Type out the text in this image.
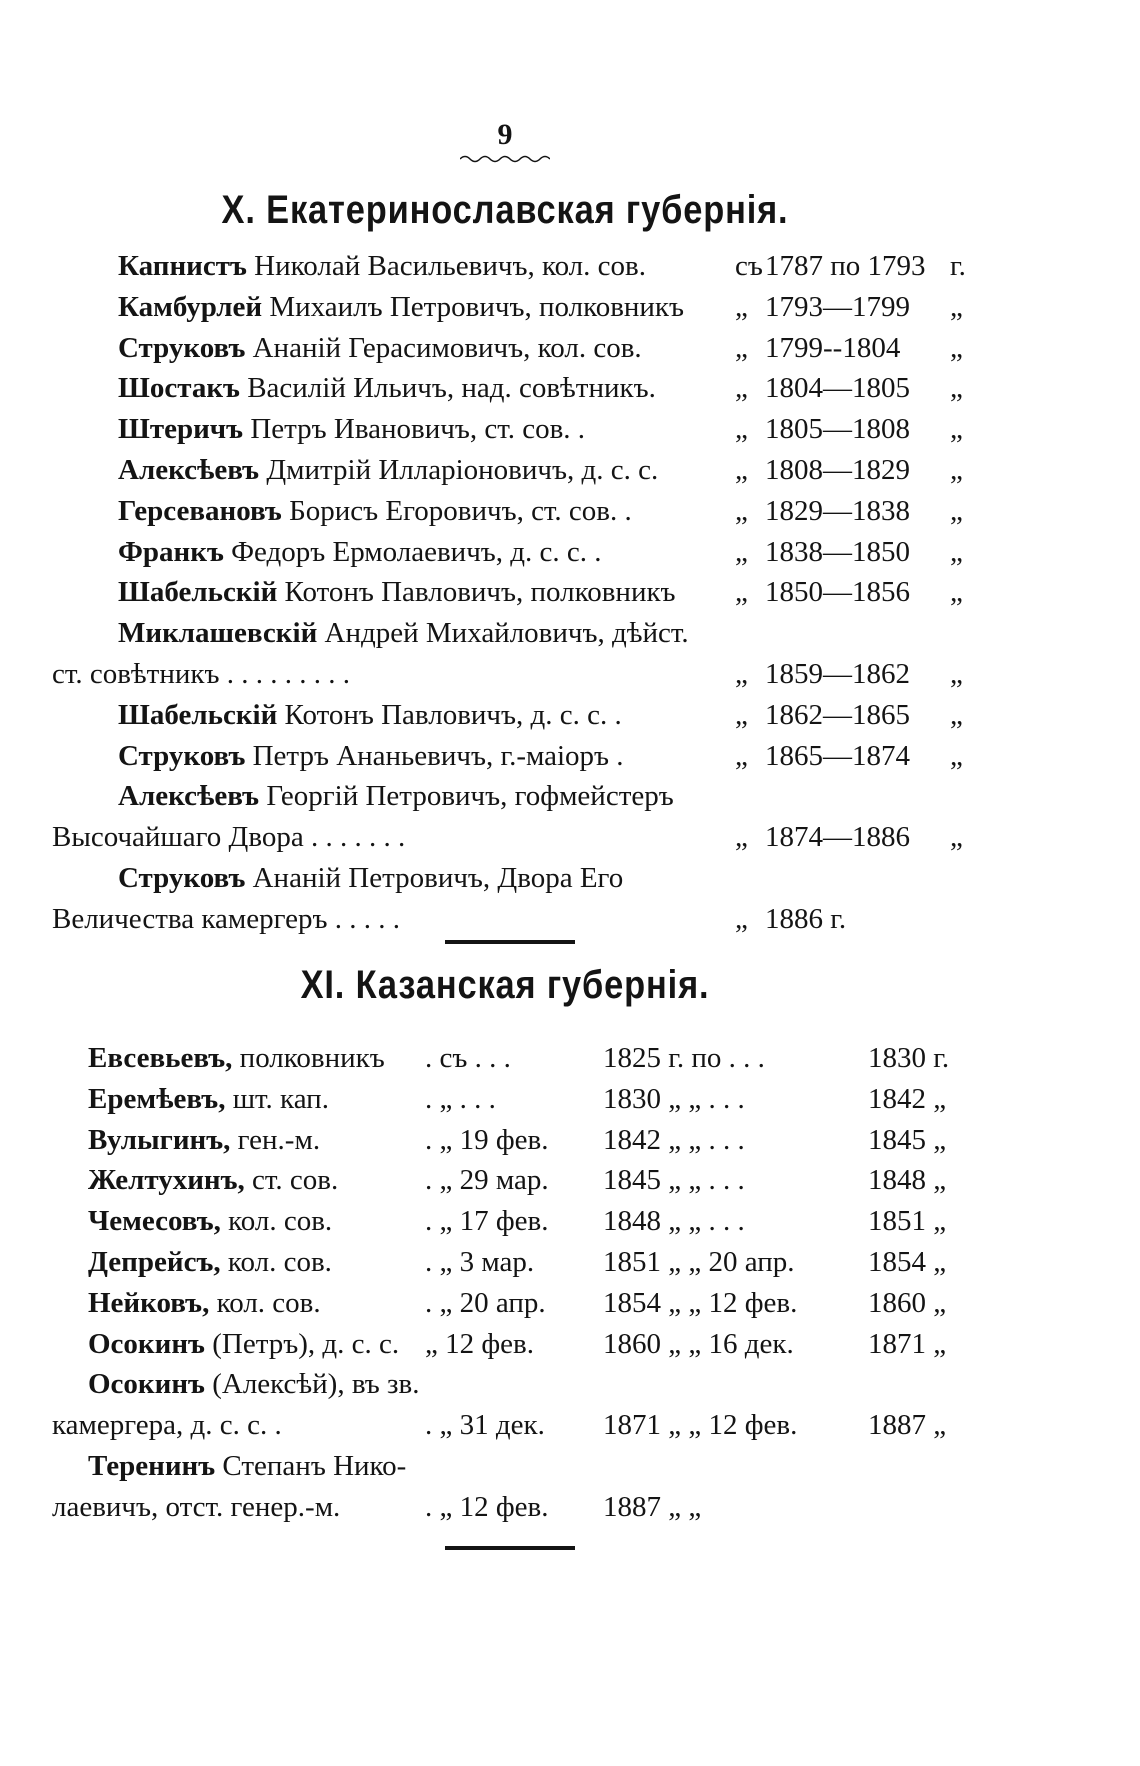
9
X. Екатеринославская губернія.
Капнистъ Николай Васильевичъ, кол. сов.	съ 1787 по 1793 г.
Камбурлей Михаилъ Петровичъ, полковникъ „ 1793—1799 „
Струковъ Ананій Герасимовичъ, кол. сов.	„ 1799--1804 „
Шостакъ Василій Ильичъ, над. совѣтникъ.	„ 1804—1805 „
Штеричъ Петръ Ивановичъ, ст. сов. .	„ 1805—1808 „
Алексѣевъ Дмитрій Илларіоновичъ, д. с. с.	„ 1808—1829 „
Герсевановъ Борисъ Егоровичъ, ст. сов. .	„ 1829—1838 „
Франкъ Федоръ Ермолаевичъ, д. с. с. .	„ 1838—1850 „
Шабельскій Котонъ Павловичъ, полковникъ „ 1850—1856 „
Миклашевскій Андрей Михайловичъ, дѣйст.
ст. совѣтникъ . . . . . . . . .	„ 1859—1862 „
Шабельскій Котонъ Павловичъ, д. с. с. .	„ 1862—1865 „
Струковъ Петръ Ананьевичъ, г.-маіоръ .	„ 1865—1874 „
Алексѣевъ Георгій Петровичъ, гофмейстеръ
Высочайшаго Двора . . . . . . .	„ 1874—1886 „
Струковъ Ананій Петровичъ, Двора Его
Величества камергеръ . . . . .	„ 1886 г.
XI. Казанская губернія.
Евсевьевъ, полковникъ . съ . . .	1825 г. по . . .	1830 г.
Еремѣевъ, шт. кап.	. „ . . .	1830 „ „ . . .	1842 „
Вулыгинъ, ген.-м.	. „ 19 фев. 1842 „ „ . . .	1845 „
Желтухинъ, ст. сов.	. „ 29 мар. 1845 „ „ . . .	1848 „
Чемесовъ, кол. сов.	. „ 17 фев. 1848 „ „ . . .	1851 „
Депрейсъ, кол. сов.	. „ 3 мар. 1851 „ „ 20 апр.	1854 „
Нейковъ, кол. сов.	. „ 20 апр. 1854 „ „ 12 фев. 1860 „
Осокинъ (Петръ), д. с. с. „ 12 фев. 1860 „ „ 16 дек.	1871 „
Осокинъ (Алексѣй), въ зв.
камергера, д. с. с. .	. „ 31 дек. 1871 „ „ 12 фев. 1887 „
Теренинъ Степанъ Нико-
лаевичъ, отст. генер.-м.	. „ 12 фев. 1887 „ „
